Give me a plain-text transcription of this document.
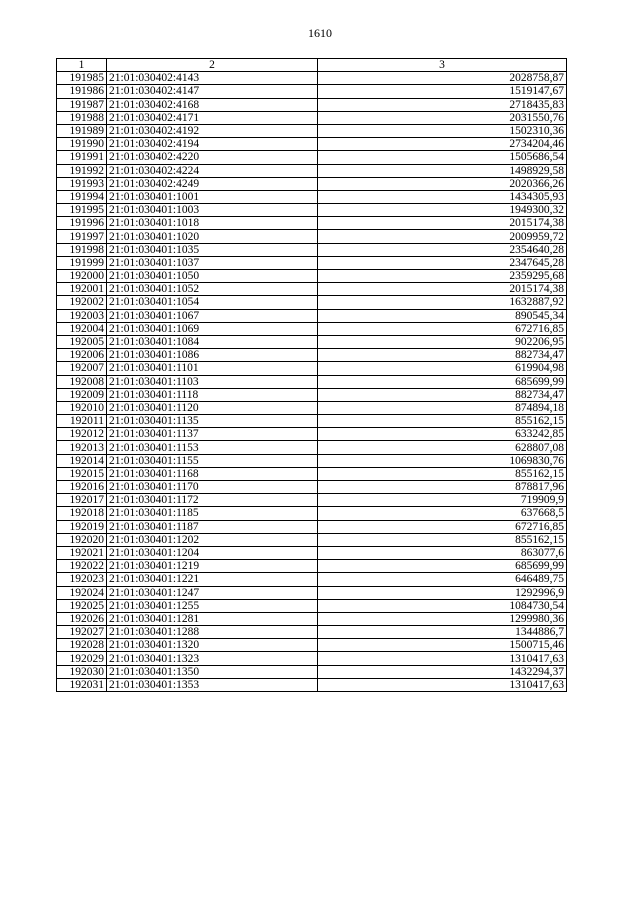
1610
1	2	3
191985	21:01:030402:4143	2028758,87
191986	21:01:030402:4147	1519147,67
191987	21:01:030402:4168	2718435,83
191988	21:01:030402:4171	2031550,76
191989	21:01:030402:4192	1502310,36
191990	21:01:030402:4194	2734204,46
191991	21:01:030402:4220	1505686,54
191992	21:01:030402:4224	1498929,58
191993	21:01:030402:4249	2020366,26
191994	21:01:030401:1001	1434305,93
191995	21:01:030401:1003	1949300,32
191996	21:01:030401:1018	2015174,38
191997	21:01:030401:1020	2009959,72
191998	21:01:030401:1035	2354640,28
191999	21:01:030401:1037	2347645,28
192000	21:01:030401:1050	2359295,68
192001	21:01:030401:1052	2015174,38
192002	21:01:030401:1054	1632887,92
192003	21:01:030401:1067	890545,34
192004	21:01:030401:1069	672716,85
192005	21:01:030401:1084	902206,95
192006	21:01:030401:1086	882734,47
192007	21:01:030401:1101	619904,98
192008	21:01:030401:1103	685699,99
192009	21:01:030401:1118	882734,47
192010	21:01:030401:1120	874894,18
192011	21:01:030401:1135	855162,15
192012	21:01:030401:1137	633242,85
192013	21:01:030401:1153	628807,08
192014	21:01:030401:1155	1069830,76
192015	21:01:030401:1168	855162,15
192016	21:01:030401:1170	878817,96
192017	21:01:030401:1172	719909,9
192018	21:01:030401:1185	637668,5
192019	21:01:030401:1187	672716,85
192020	21:01:030401:1202	855162,15
192021	21:01:030401:1204	863077,6
192022	21:01:030401:1219	685699,99
192023	21:01:030401:1221	646489,75
192024	21:01:030401:1247	1292996,9
192025	21:01:030401:1255	1084730,54
192026	21:01:030401:1281	1299980,36
192027	21:01:030401:1288	1344886,7
192028	21:01:030401:1320	1500715,46
192029	21:01:030401:1323	1310417,63
192030	21:01:030401:1350	1432294,37
192031	21:01:030401:1353	1310417,63
